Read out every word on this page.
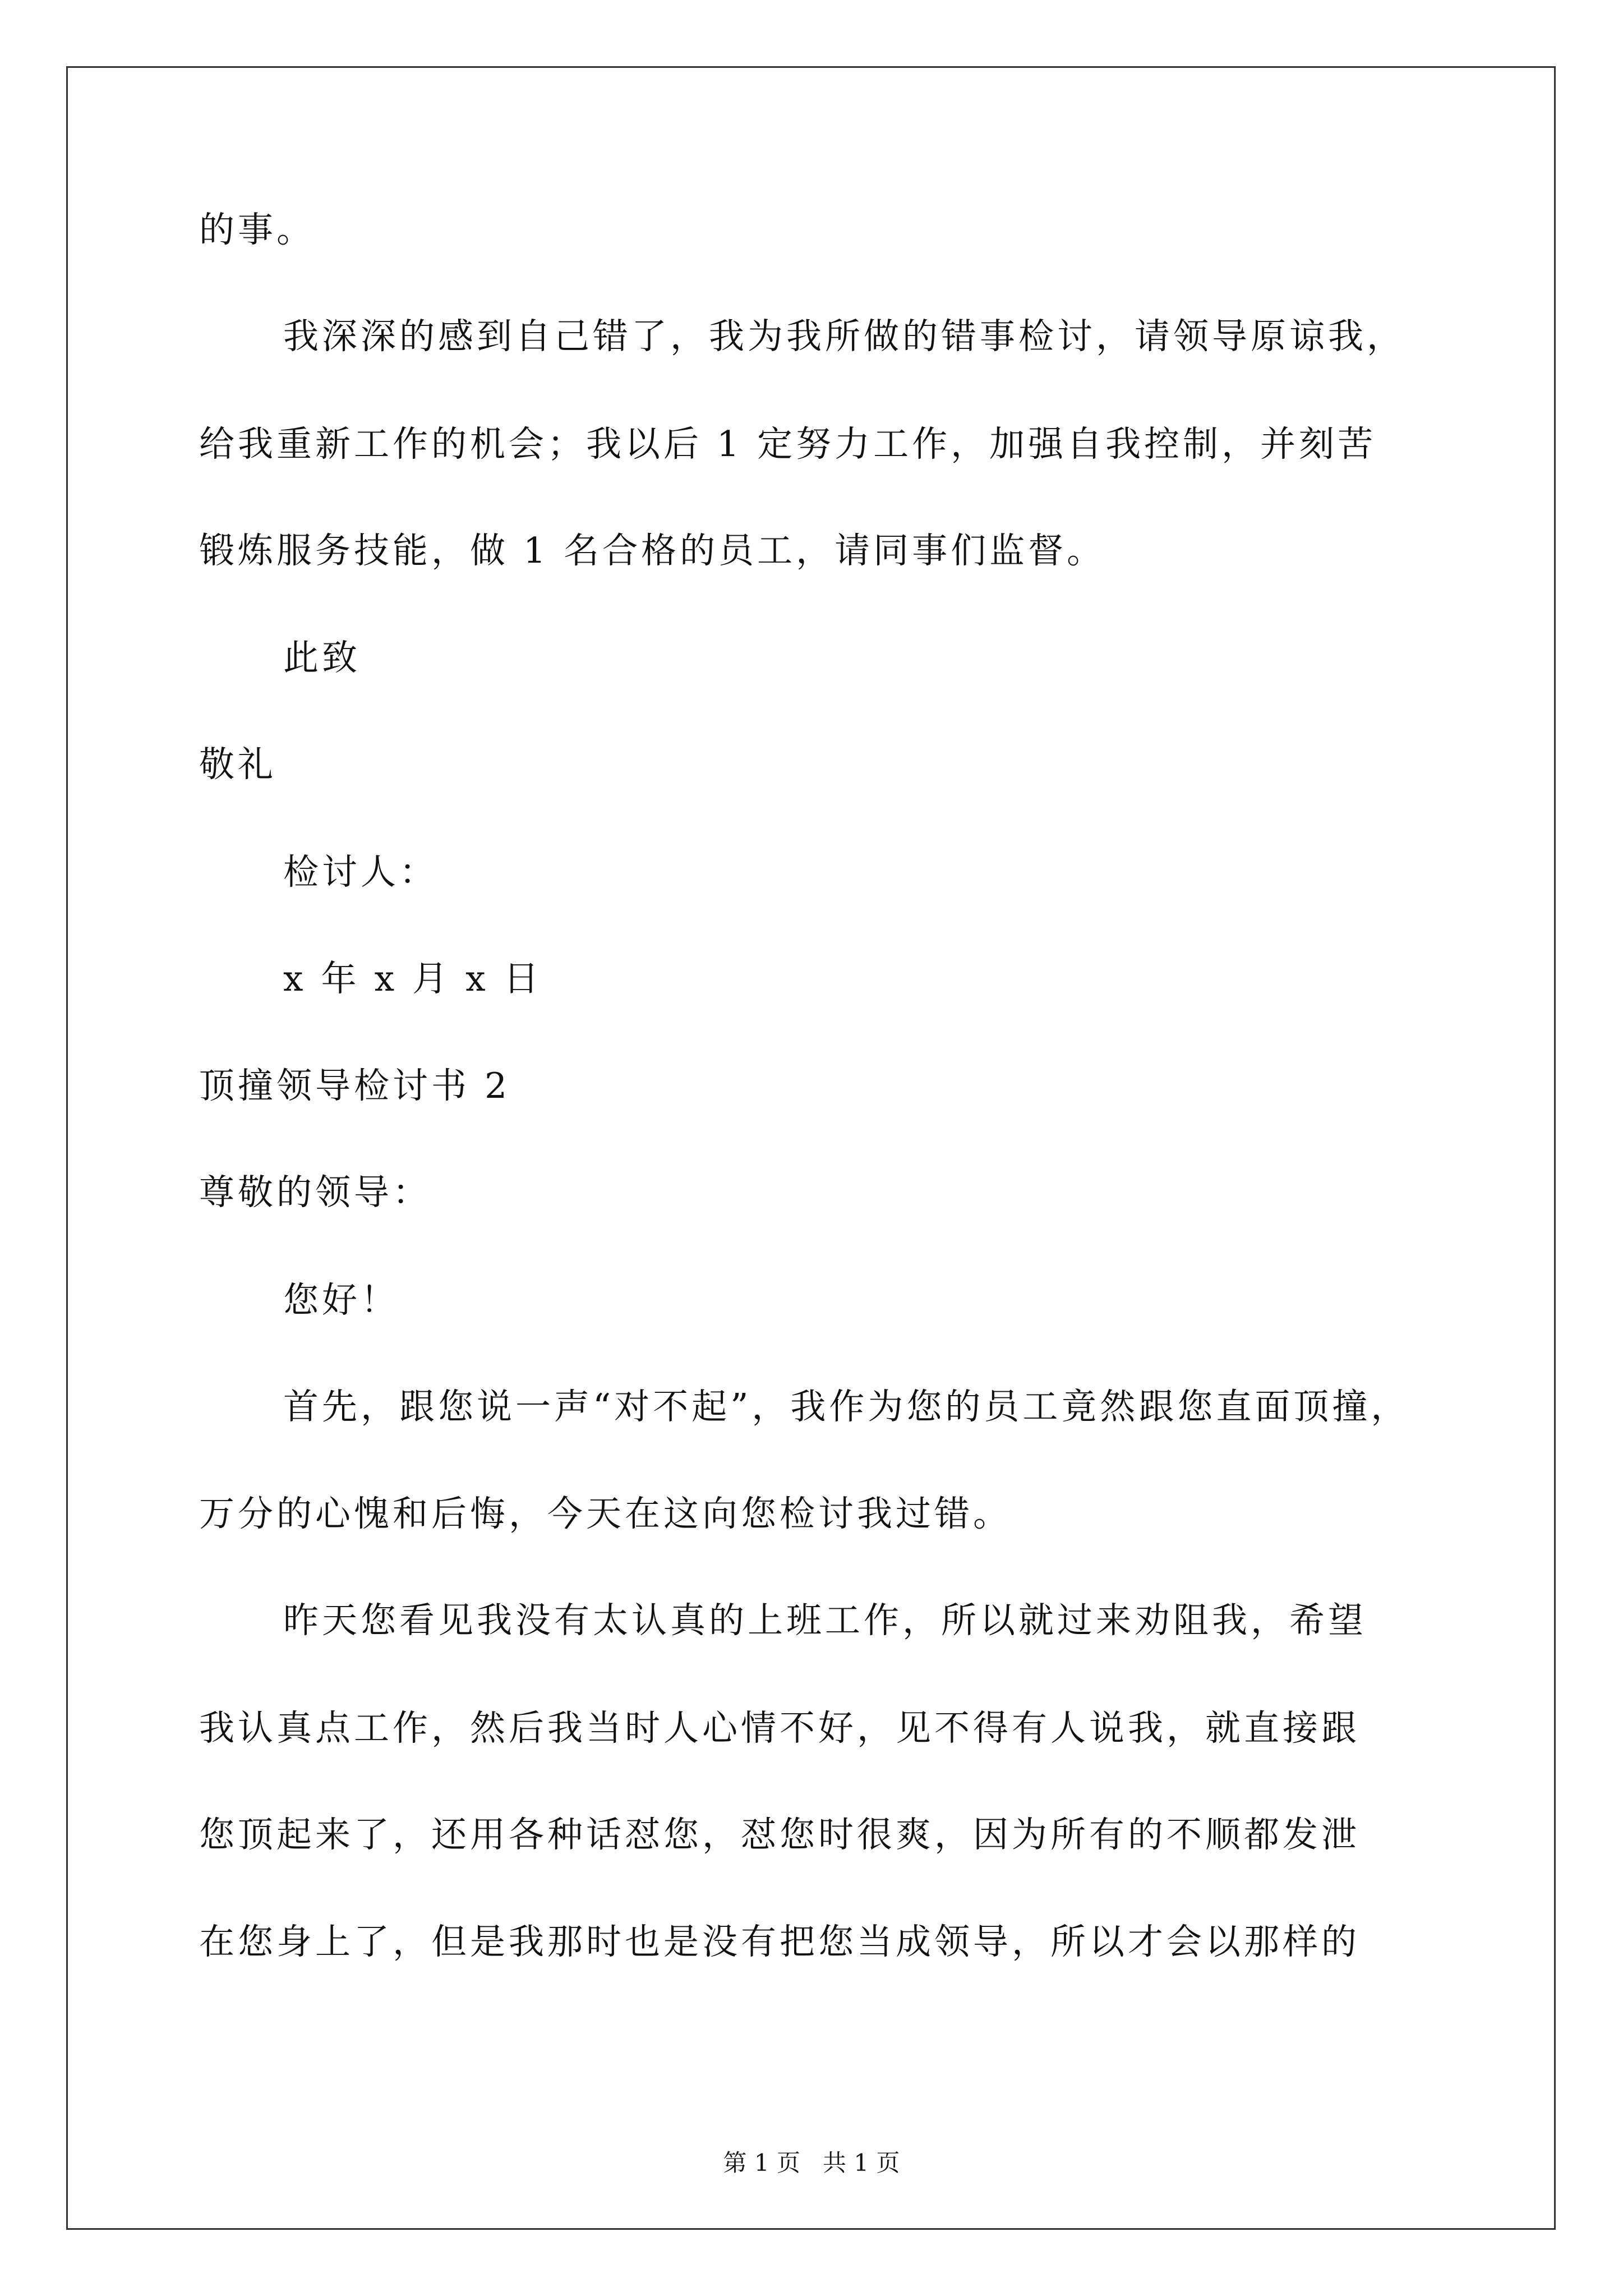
的事。
我深深的感到自己错了，我为我所做的错事检讨，请领导原谅我，
给我重新工作的机会；我以后 1 定努力工作，加强自我控制，并刻苦
锻炼服务技能，做 1 名合格的员工，请同事们监督。
此致
敬礼
检讨人：
x 年 x 月 x 日
顶撞领导检讨书 2
尊敬的领导：
您好！
首先，跟您说一声“对不起”，我作为您的员工竟然跟您直面顶撞，
万分的心愧和后悔，今天在这向您检讨我过错。
昨天您看见我没有太认真的上班工作，所以就过来劝阻我，希望
我认真点工作，然后我当时人心情不好，见不得有人说我，就直接跟
您顶起来了，还用各种话怼您，怼您时很爽，因为所有的不顺都发泄
在您身上了，但是我那时也是没有把您当成领导，所以才会以那样的
第 1 页   共 1 页
